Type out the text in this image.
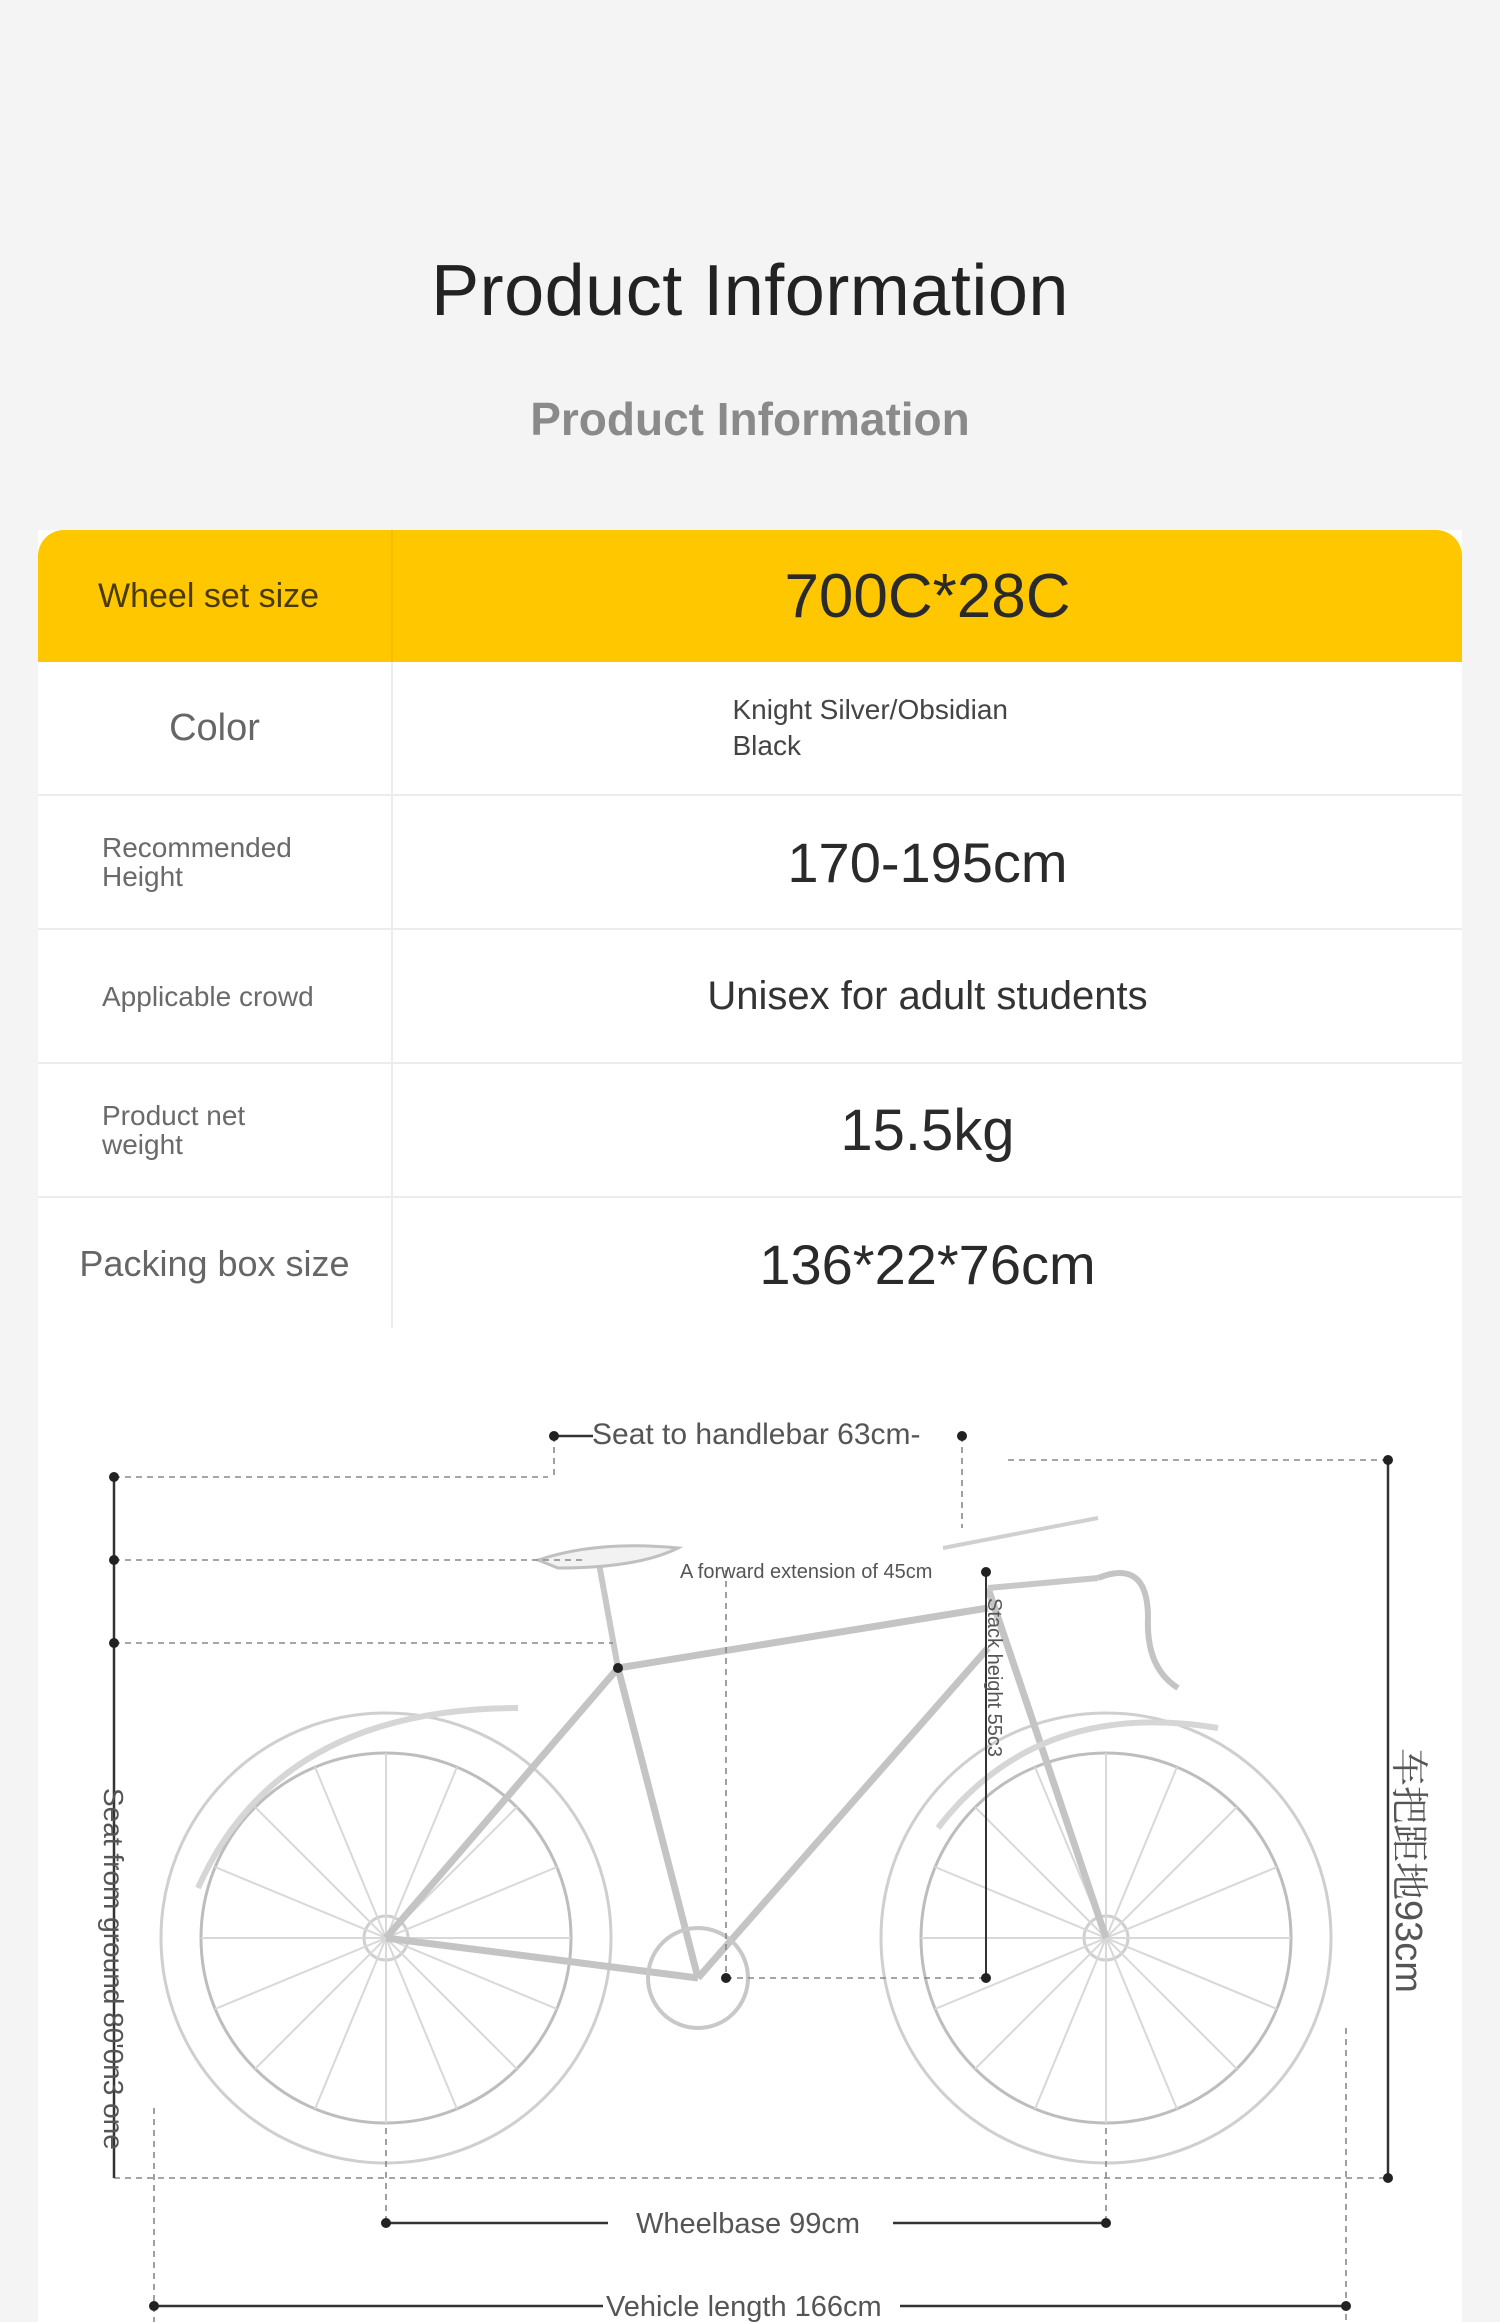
Product Information
Product Information
Wheel set size	700C*28C
Color	Knight Silver/Obsidian Black
Recommended Height	170-195cm
Applicable crowd	Unisex for adult students
Product net weight	15.5kg
Packing box size	136*22*76cm
Seat to handlebar 63cm-
A forward extension of 45cm
Stack height 55c3
车把距地93cm
Seat from ground 80'0n3 one
Wheelbase 99cm
Vehicle length 166cm
